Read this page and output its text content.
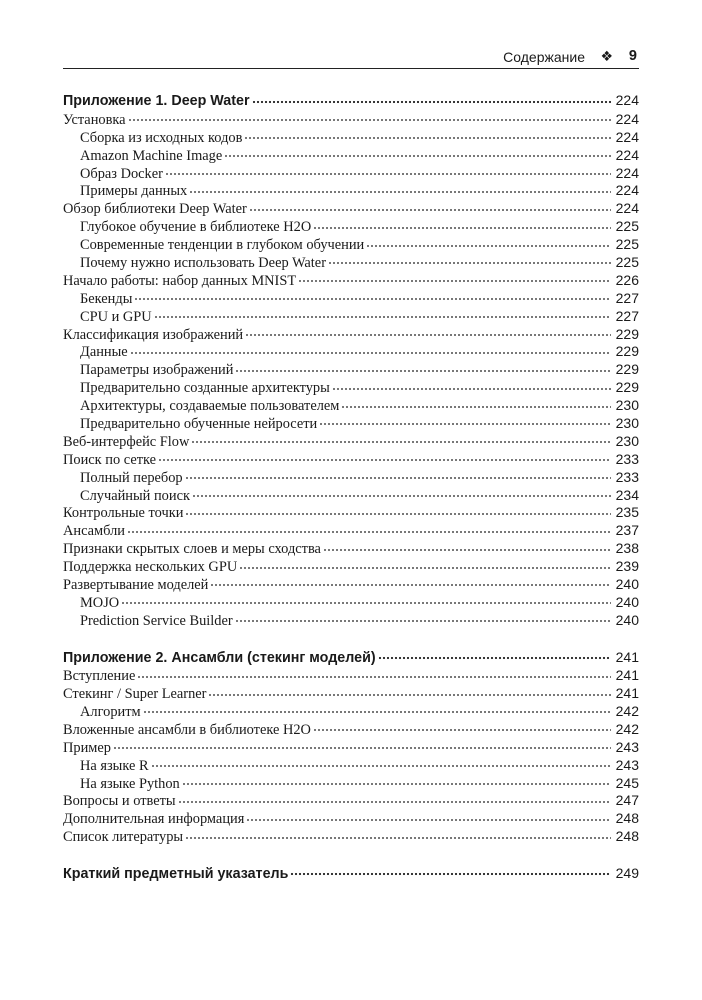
Содержание ❖ 9
Приложение 1. Deep Water	224
Установка	224
Сборка из исходных кодов	224
Amazon Machine Image	224
Образ Docker	224
Примеры данных	224
Обзор библиотеки Deep Water	224
Глубокое обучение в библиотеке H2O	225
Современные тенденции в глубоком обучении	225
Почему нужно использовать Deep Water	225
Начало работы: набор данных MNIST	226
Бекенды	227
CPU и GPU	227
Классификация изображений	229
Данные	229
Параметры изображений	229
Предварительно созданные архитектуры	229
Архитектуры, создаваемые пользователем	230
Предварительно обученные нейросети	230
Веб-интерфейс Flow	230
Поиск по сетке	233
Полный перебор	233
Случайный поиск	234
Контрольные точки	235
Ансамбли	237
Признаки скрытых слоев и меры сходства	238
Поддержка нескольких GPU	239
Развертывание моделей	240
MOJO	240
Prediction Service Builder	240
Приложение 2. Ансамбли (стекинг моделей)	241
Вступление	241
Стекинг / Super Learner	241
Алгоритм	242
Вложенные ансамбли в библиотеке H2O	242
Пример	243
На языке R	243
На языке Python	245
Вопросы и ответы	247
Дополнительная информация	248
Список литературы	248
Краткий предметный указатель	249
